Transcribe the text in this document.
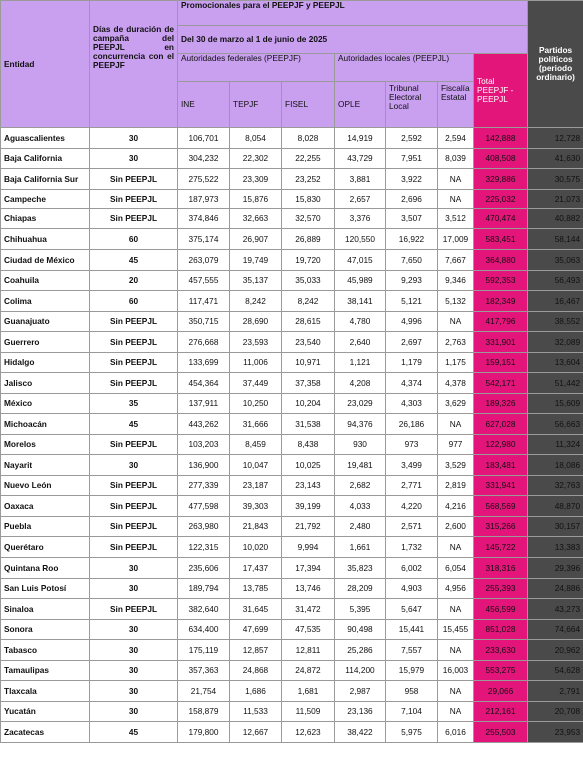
Entidad	Días de duración de campaña del PEEPJL en concurrencia con el PEEPJF	Promocionales para el PEEPJF y PEEPJL							Partidos políticos (periodo ordinario)
		Del 30 de marzo al 1 de junio de 2025							
		Autoridades federales (PEEPJF)			Autoridades locales (PEEPJL)			Total PEEPJF - PEEPJL	
		INE	TEPJF	FISEL	OPLE	Tribunal Electoral Local	Fiscalía Estatal		
Aguascalientes	30	106,701	8,054	8,028	14,919	2,592	2,594	142,888	12,728
Baja California	30	304,232	22,302	22,255	43,729	7,951	8,039	408,508	41,630
Baja California Sur	Sin PEEPJL	275,522	23,309	23,252	3,881	3,922	NA	329,886	30,575
Campeche	Sin PEEPJL	187,973	15,876	15,830	2,657	2,696	NA	225,032	21,073
Chiapas	Sin PEEPJL	374,846	32,663	32,570	3,376	3,507	3,512	470,474	40,882
Chihuahua	60	375,174	26,907	26,889	120,550	16,922	17,009	583,451	58,144
Ciudad de México	45	263,079	19,749	19,720	47,015	7,650	7,667	364,880	35,063
Coahuila	20	457,555	35,137	35,033	45,989	9,293	9,346	592,353	56,493
Colima	60	117,471	8,242	8,242	38,141	5,121	5,132	182,349	16,467
Guanajuato	Sin PEEPJL	350,715	28,690	28,615	4,780	4,996	NA	417,796	38,552
Guerrero	Sin PEEPJL	276,668	23,593	23,540	2,640	2,697	2,763	331,901	32,089
Hidalgo	Sin PEEPJL	133,699	11,006	10,971	1,121	1,179	1,175	159,151	13,604
Jalisco	Sin PEEPJL	454,364	37,449	37,358	4,208	4,374	4,378	542,171	51,442
México	35	137,911	10,250	10,204	23,029	4,303	3,629	189,326	15,609
Michoacán	45	443,262	31,666	31,538	94,376	26,186	NA	627,028	56,663
Morelos	Sin PEEPJL	103,203	8,459	8,438	930	973	977	122,980	11,324
Nayarit	30	136,900	10,047	10,025	19,481	3,499	3,529	183,481	18,086
Nuevo León	Sin PEEPJL	277,339	23,187	23,143	2,682	2,771	2,819	331,941	32,763
Oaxaca	Sin PEEPJL	477,598	39,303	39,199	4,033	4,220	4,216	568,569	48,870
Puebla	Sin PEEPJL	263,980	21,843	21,792	2,480	2,571	2,600	315,266	30,157
Querétaro	Sin PEEPJL	122,315	10,020	9,994	1,661	1,732	NA	145,722	13,383
Quintana Roo	30	235,606	17,437	17,394	35,823	6,002	6,054	318,316	29,396
San Luis Potosí	30	189,794	13,785	13,746	28,209	4,903	4,956	255,393	24,886
Sinaloa	Sin PEEPJL	382,640	31,645	31,472	5,395	5,647	NA	456,599	43,273
Sonora	30	634,400	47,699	47,535	90,498	15,441	15,455	851,028	74,664
Tabasco	30	175,119	12,857	12,811	25,286	7,557	NA	233,630	20,962
Tamaulipas	30	357,363	24,868	24,872	114,200	15,979	16,003	553,275	54,628
Tlaxcala	30	21,754	1,686	1,681	2,987	958	NA	29,066	2,791
Yucatán	30	158,879	11,533	11,509	23,136	7,104	NA	212,161	20,708
Zacatecas	45	179,800	12,667	12,623	38,422	5,975	6,016	255,503	23,953
